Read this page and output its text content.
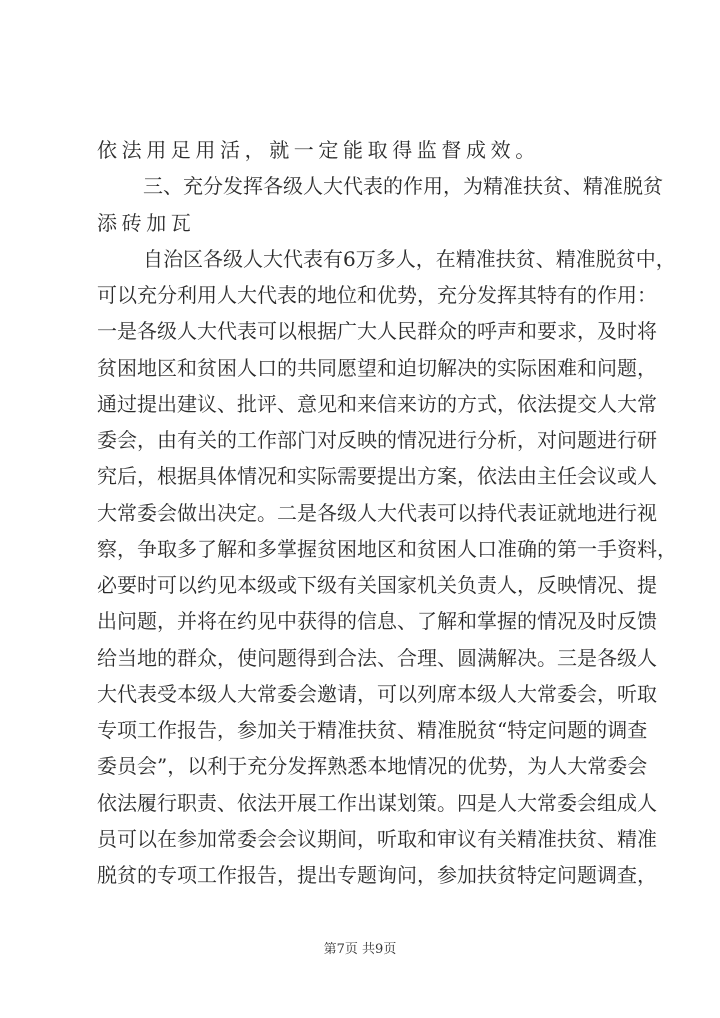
依法用足用活，就一定能取得监督成效。
三、充分发挥各级人大代表的作用，为精准扶贫、精准脱贫
添砖加瓦
自治区各级人大代表有6万多人，在精准扶贫、精准脱贫中，
可以充分利用人大代表的地位和优势，充分发挥其特有的作用：
一是各级人大代表可以根据广大人民群众的呼声和要求，及时将
贫困地区和贫困人口的共同愿望和迫切解决的实际困难和问题，
通过提出建议、批评、意见和来信来访的方式，依法提交人大常
委会，由有关的工作部门对反映的情况进行分析，对问题进行研
究后，根据具体情况和实际需要提出方案，依法由主任会议或人
大常委会做出决定。二是各级人大代表可以持代表证就地进行视
察，争取多了解和多掌握贫困地区和贫困人口准确的第一手资料，
必要时可以约见本级或下级有关国家机关负责人，反映情况、提
出问题，并将在约见中获得的信息、了解和掌握的情况及时反馈
给当地的群众，使问题得到合法、合理、圆满解决。三是各级人
大代表受本级人大常委会邀请，可以列席本级人大常委会，听取
专项工作报告，参加关于精准扶贫、精准脱贫“特定问题的调查
委员会”，以利于充分发挥熟悉本地情况的优势，为人大常委会
依法履行职责、依法开展工作出谋划策。四是人大常委会组成人
员可以在参加常委会会议期间，听取和审议有关精准扶贫、精准
脱贫的专项工作报告，提出专题询问，参加扶贫特定问题调查，
第7页 共9页
